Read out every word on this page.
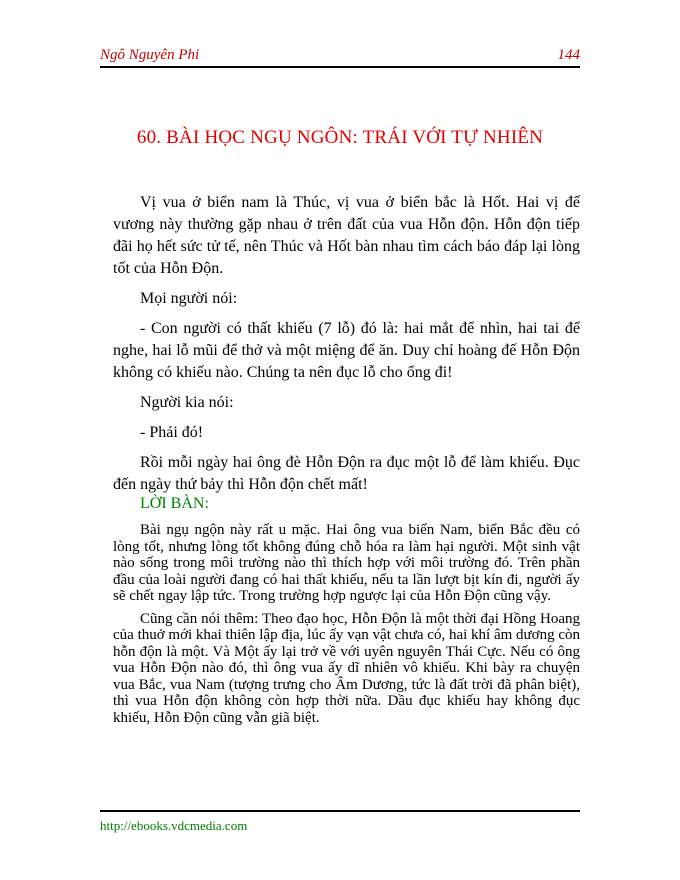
Ngô Nguyên Phi	144
60. BÀI HỌC NGỤ NGÔN: TRÁI VỚI TỰ NHIÊN

Vị vua ở biển nam là Thúc, vị vua ở biển bắc là Hốt. Hai vị đế vương này thường gặp nhau ở trên đất của vua Hỗn độn. Hỗn độn tiếp đãi họ hết sức tử tế, nên Thúc và Hốt bàn nhau tìm cách báo đáp lại lòng tốt của Hỗn Độn.

Mọi người nói:

- Con người có thất khiếu (7 lỗ) đó là: hai mắt để nhìn, hai tai để nghe, hai lỗ mũi để thở và một miệng để ăn. Duy chỉ hoàng đế Hỗn Độn không có khiếu nào. Chúng ta nên đục lỗ cho ổng đi!

Người kia nói:

- Phải đó!

Rồi mỗi ngày hai ông đè Hỗn Độn ra đục một lỗ để làm khiếu. Đục đến ngày thứ bảy thì Hỗn độn chết mất!

LỜI BÀN:

Bài ngụ ngộn này rất u mặc. Hai ông vua biển Nam, biển Bắc đều có lòng tốt, nhưng lòng tốt không đúng chỗ hóa ra làm hại người. Một sinh vật nào sống trong môi trường nào thì thích hợp với môi trường đó. Trên phần đầu của loài người đang có hai thất khiếu, nếu ta lần lượt bịt kín đi, người ấy sẽ chết ngay lập tức. Trong trường hợp ngược lại của Hỗn Độn cũng vậy.

Cũng cần nói thêm: Theo đạo học, Hỗn Độn là một thời đại Hồng Hoang của thuở mới khai thiên lập địa, lúc ấy vạn vật chưa có, hai khí âm dương còn hỗn độn là một. Và Một ấy lại trở về với uyên nguyên Thái Cực. Nếu có ông vua Hỗn Độn nào đó, thì ông vua ấy dĩ nhiên vô khiếu. Khi bày ra chuyện vua Bắc, vua Nam (tượng trưng cho Âm Dương, tức là đất trời đã phân biệt), thì vua Hỗn độn không còn hợp thời nữa. Dầu đục khiếu hay không đục khiếu, Hỗn Độn cũng vẫn giã biệt.

http://ebooks.vdcmedia.com
